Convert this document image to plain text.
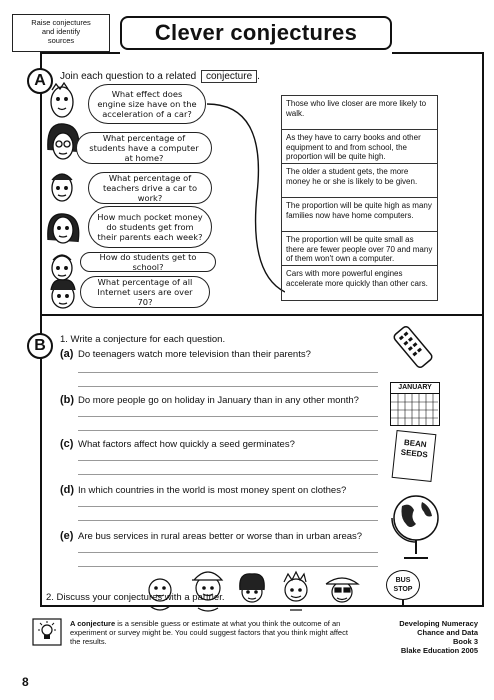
Raise conjectures
and identify
sources	Clever conjectures
A	Join each question to a related conjecture .
What effect does engine size have on the acceleration of a car?
What percentage of students have a computer at home?
What percentage of teachers drive a car to work?
How much pocket money do students get from their parents each week?
How do students get to school?
What percentage of all Internet users are over 70?
Those who live closer are more likely to walk.
As they have to carry books and other equipment to and from school, the proportion will be quite high.
The older a student gets, the more money he or she is likely to be given.
The proportion will be quite high as many families now have home computers.
The proportion will be quite small as there are fewer people over 70 and many of them won't own a computer.
Cars with more powerful engines accelerate more quickly than other cars.
B	1. Write a conjecture for each question.
(a) Do teenagers watch more television than their parents?
(b) Do more people go on holiday in January than in any other month?
(c) What factors affect how quickly a seed germinates?
(d) In which countries in the world is most money spent on clothes?
(e) Are bus services in rural areas better or worse than in urban areas?
JANUARY
BEAN
SEEDS
BUS
STOP
2. Discuss your conjectures with a partner.
A conjecture is a sensible guess or estimate at what you think the outcome of an experiment or survey might be. You could suggest factors that you think might affect the results.
Developing Numeracy
Chance and Data
Book 3
Blake Education 2005
8
